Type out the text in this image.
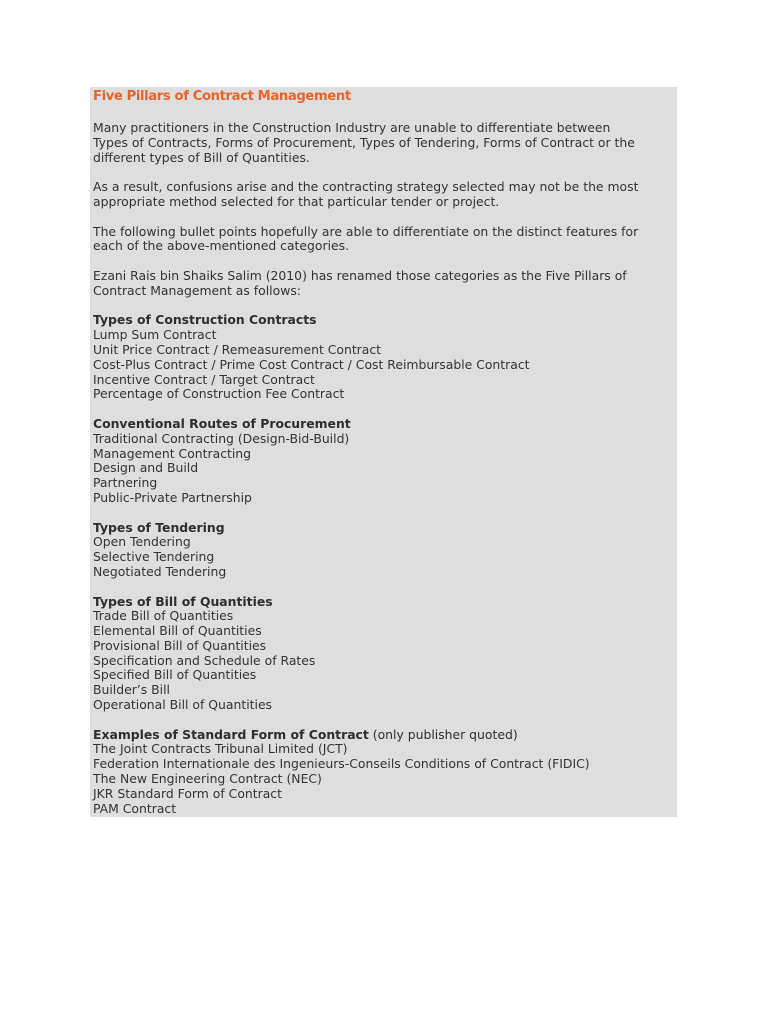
Five Pillars of Contract Management
Many practitioners in the Construction Industry are unable to differentiate between
Types of Contracts, Forms of Procurement, Types of Tendering, Forms of Contract or the
different types of Bill of Quantities.
As a result, confusions arise and the contracting strategy selected may not be the most
appropriate method selected for that particular tender or project.
The following bullet points hopefully are able to differentiate on the distinct features for
each of the above-mentioned categories.
Ezani Rais bin Shaiks Salim (2010) has renamed those categories as the Five Pillars of
Contract Management as follows:
Types of Construction Contracts
Lump Sum Contract
Unit Price Contract / Remeasurement Contract
Cost-Plus Contract / Prime Cost Contract / Cost Reimbursable Contract
Incentive Contract / Target Contract
Percentage of Construction Fee Contract
Conventional Routes of Procurement
Traditional Contracting (Design-Bid-Build)
Management Contracting
Design and Build
Partnering
Public-Private Partnership
Types of Tendering
Open Tendering
Selective Tendering
Negotiated Tendering
Types of Bill of Quantities
Trade Bill of Quantities
Elemental Bill of Quantities
Provisional Bill of Quantities
Specification and Schedule of Rates
Specified Bill of Quantities
Builder’s Bill
Operational Bill of Quantities
Examples of Standard Form of Contract (only publisher quoted)
The Joint Contracts Tribunal Limited (JCT)
Federation Internationale des Ingenieurs-Conseils Conditions of Contract (FIDIC)
The New Engineering Contract (NEC)
JKR Standard Form of Contract
PAM Contract
